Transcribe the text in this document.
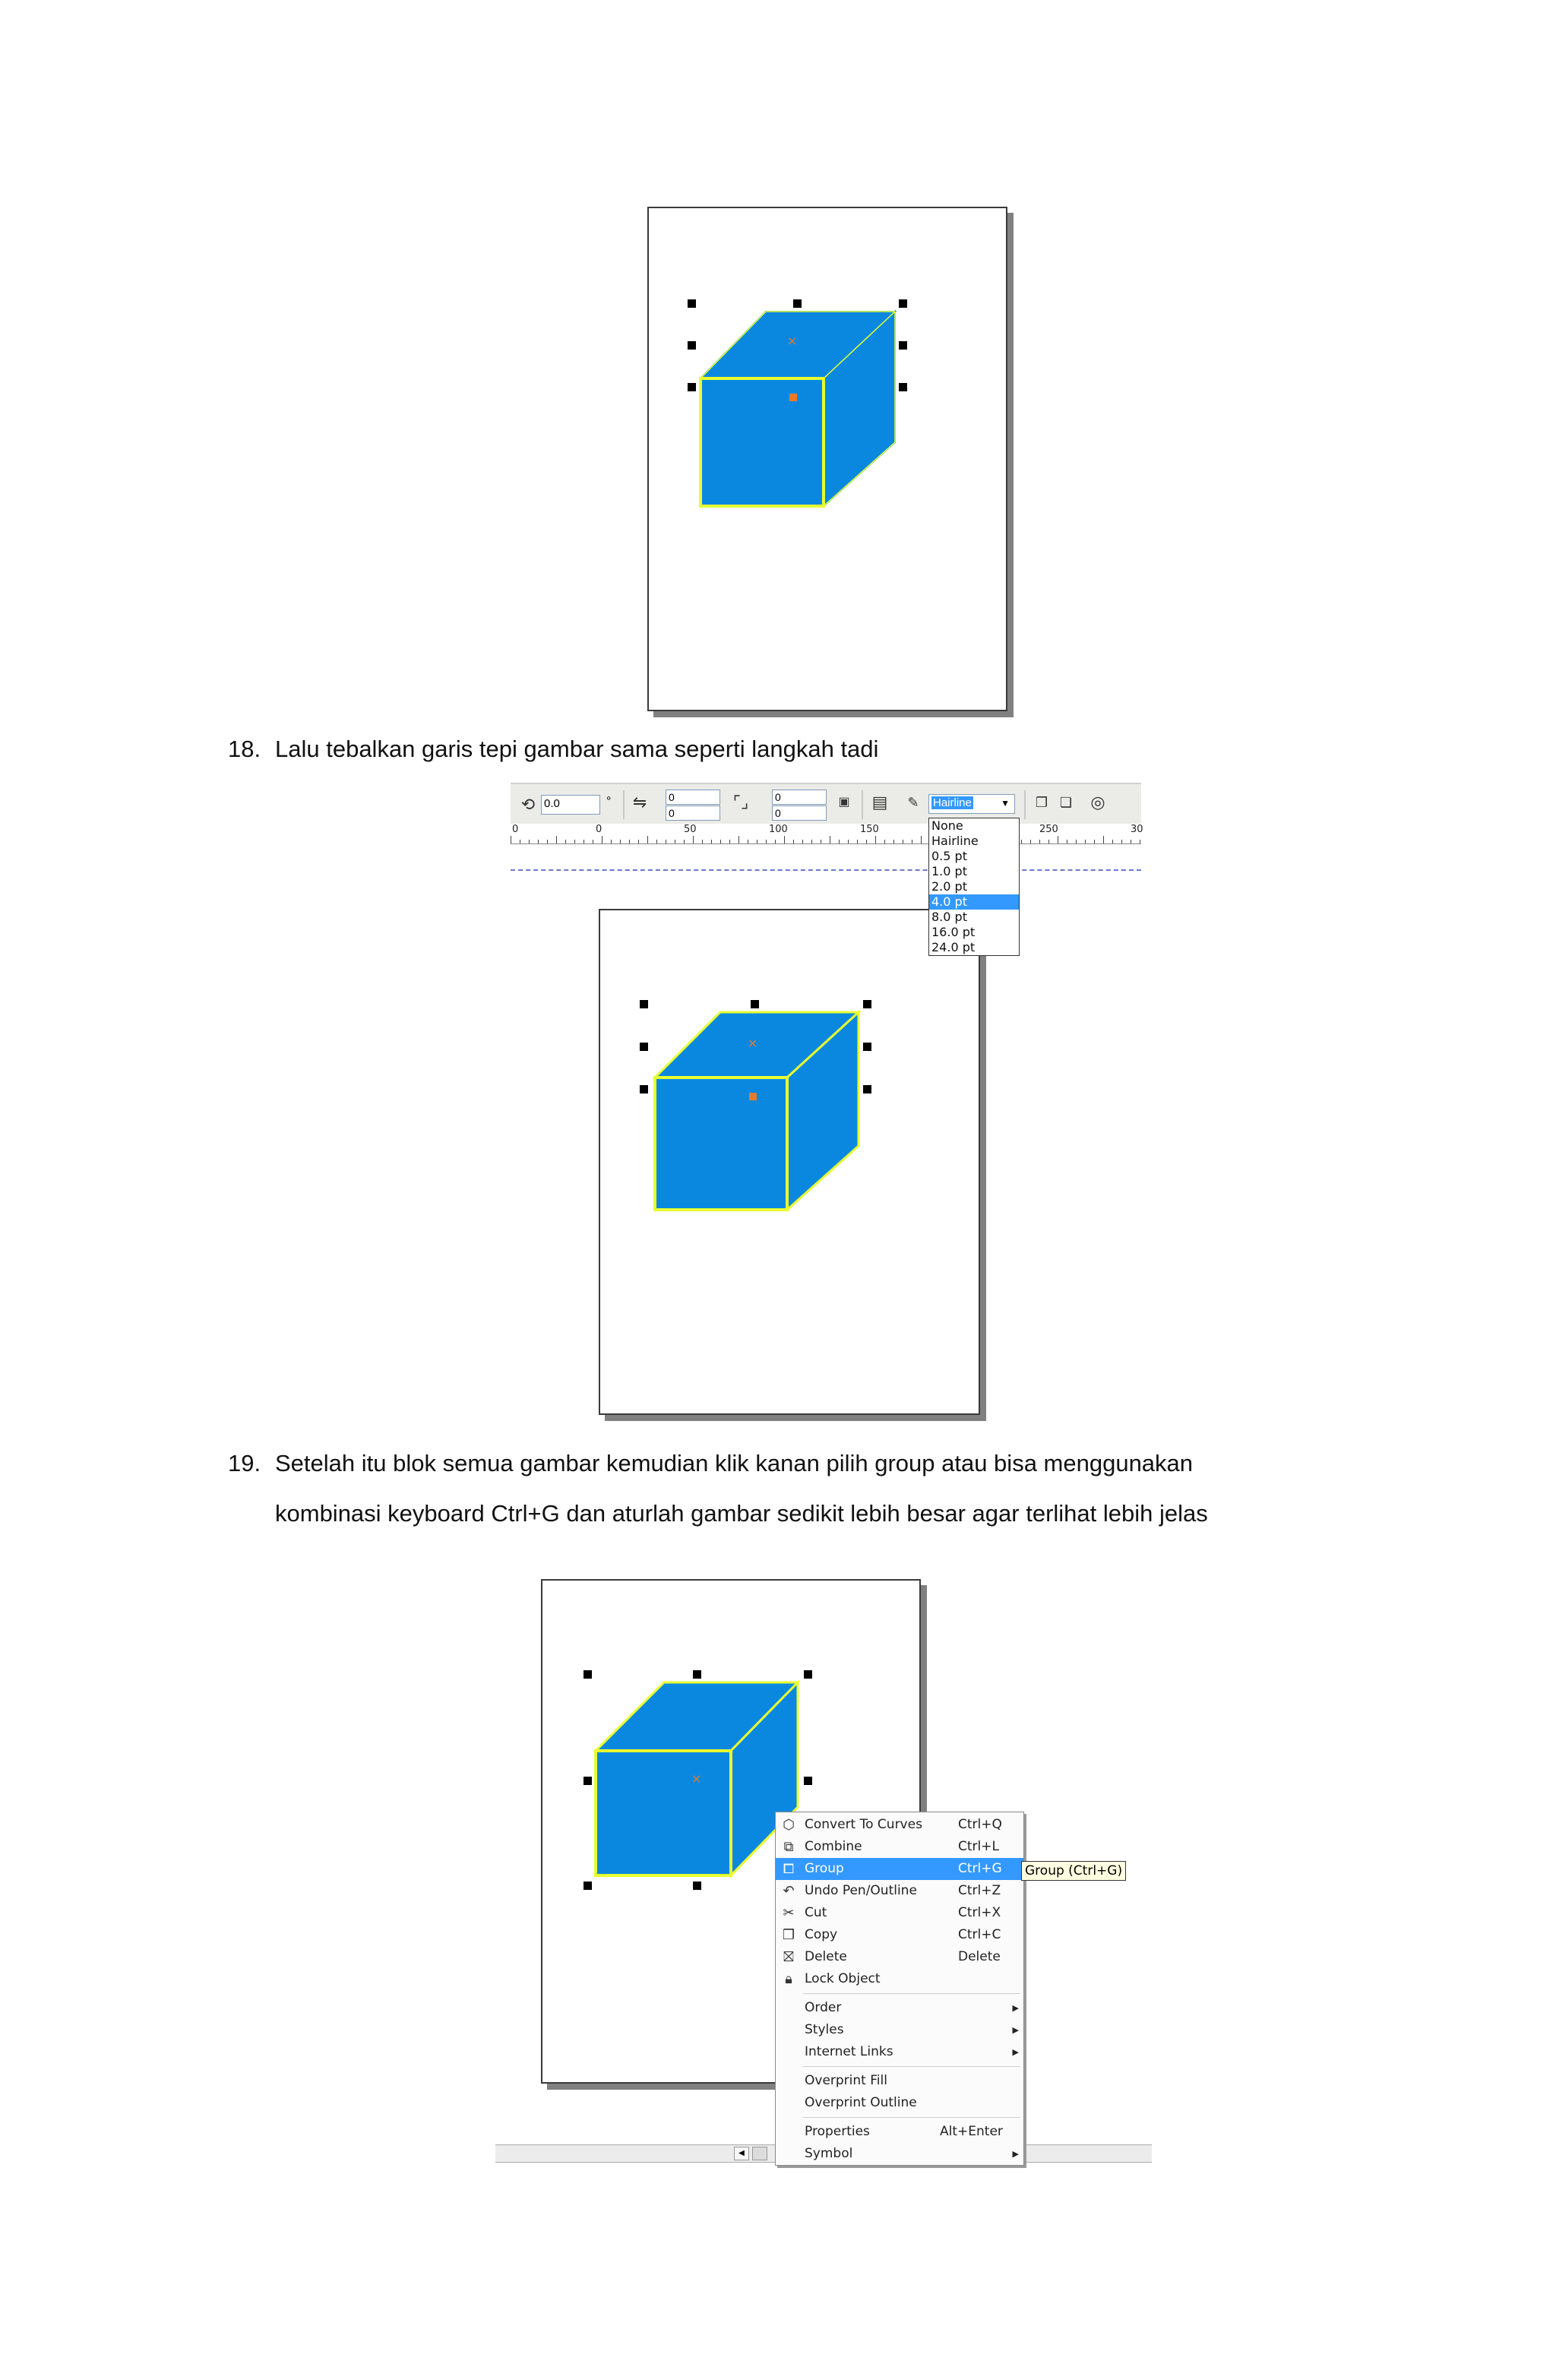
×
18. Lalu tebalkan garis tepi gambar sama seperti langkah tadi
⟲ 0.0	° ⇋	0
0
⌜⌟ 0
0
▣ ▤ ✎	Hairline	▼ ❐ ❏ ◎
0	0	50	100	150	250	30
×
None
Hairline
0.5 pt
1.0 pt
2.0 pt
4.0 pt
8.0 pt
16.0 pt
24.0 pt
19. Setelah itu blok semua gambar kemudian klik kanan pilih group atau bisa menggunakan
kombinasi keyboard Ctrl+G dan aturlah gambar sedikit lebih besar agar terlihat lebih jelas
×
◀
⬡ Convert To Curves	Ctrl+Q
⧉ Combine	Ctrl+L
⧠ Group	Ctrl+G
↶ Undo Pen/Outline	Ctrl+Z
✂ Cut	Ctrl+X
❐ Copy	Ctrl+C
⛝ Delete	Delete
🔒︎ Lock Object
Order	▶
Styles	▶
Internet Links	▶
Overprint Fill
Overprint Outline
Properties	Alt+Enter
Symbol	▶
Group (Ctrl+G)
